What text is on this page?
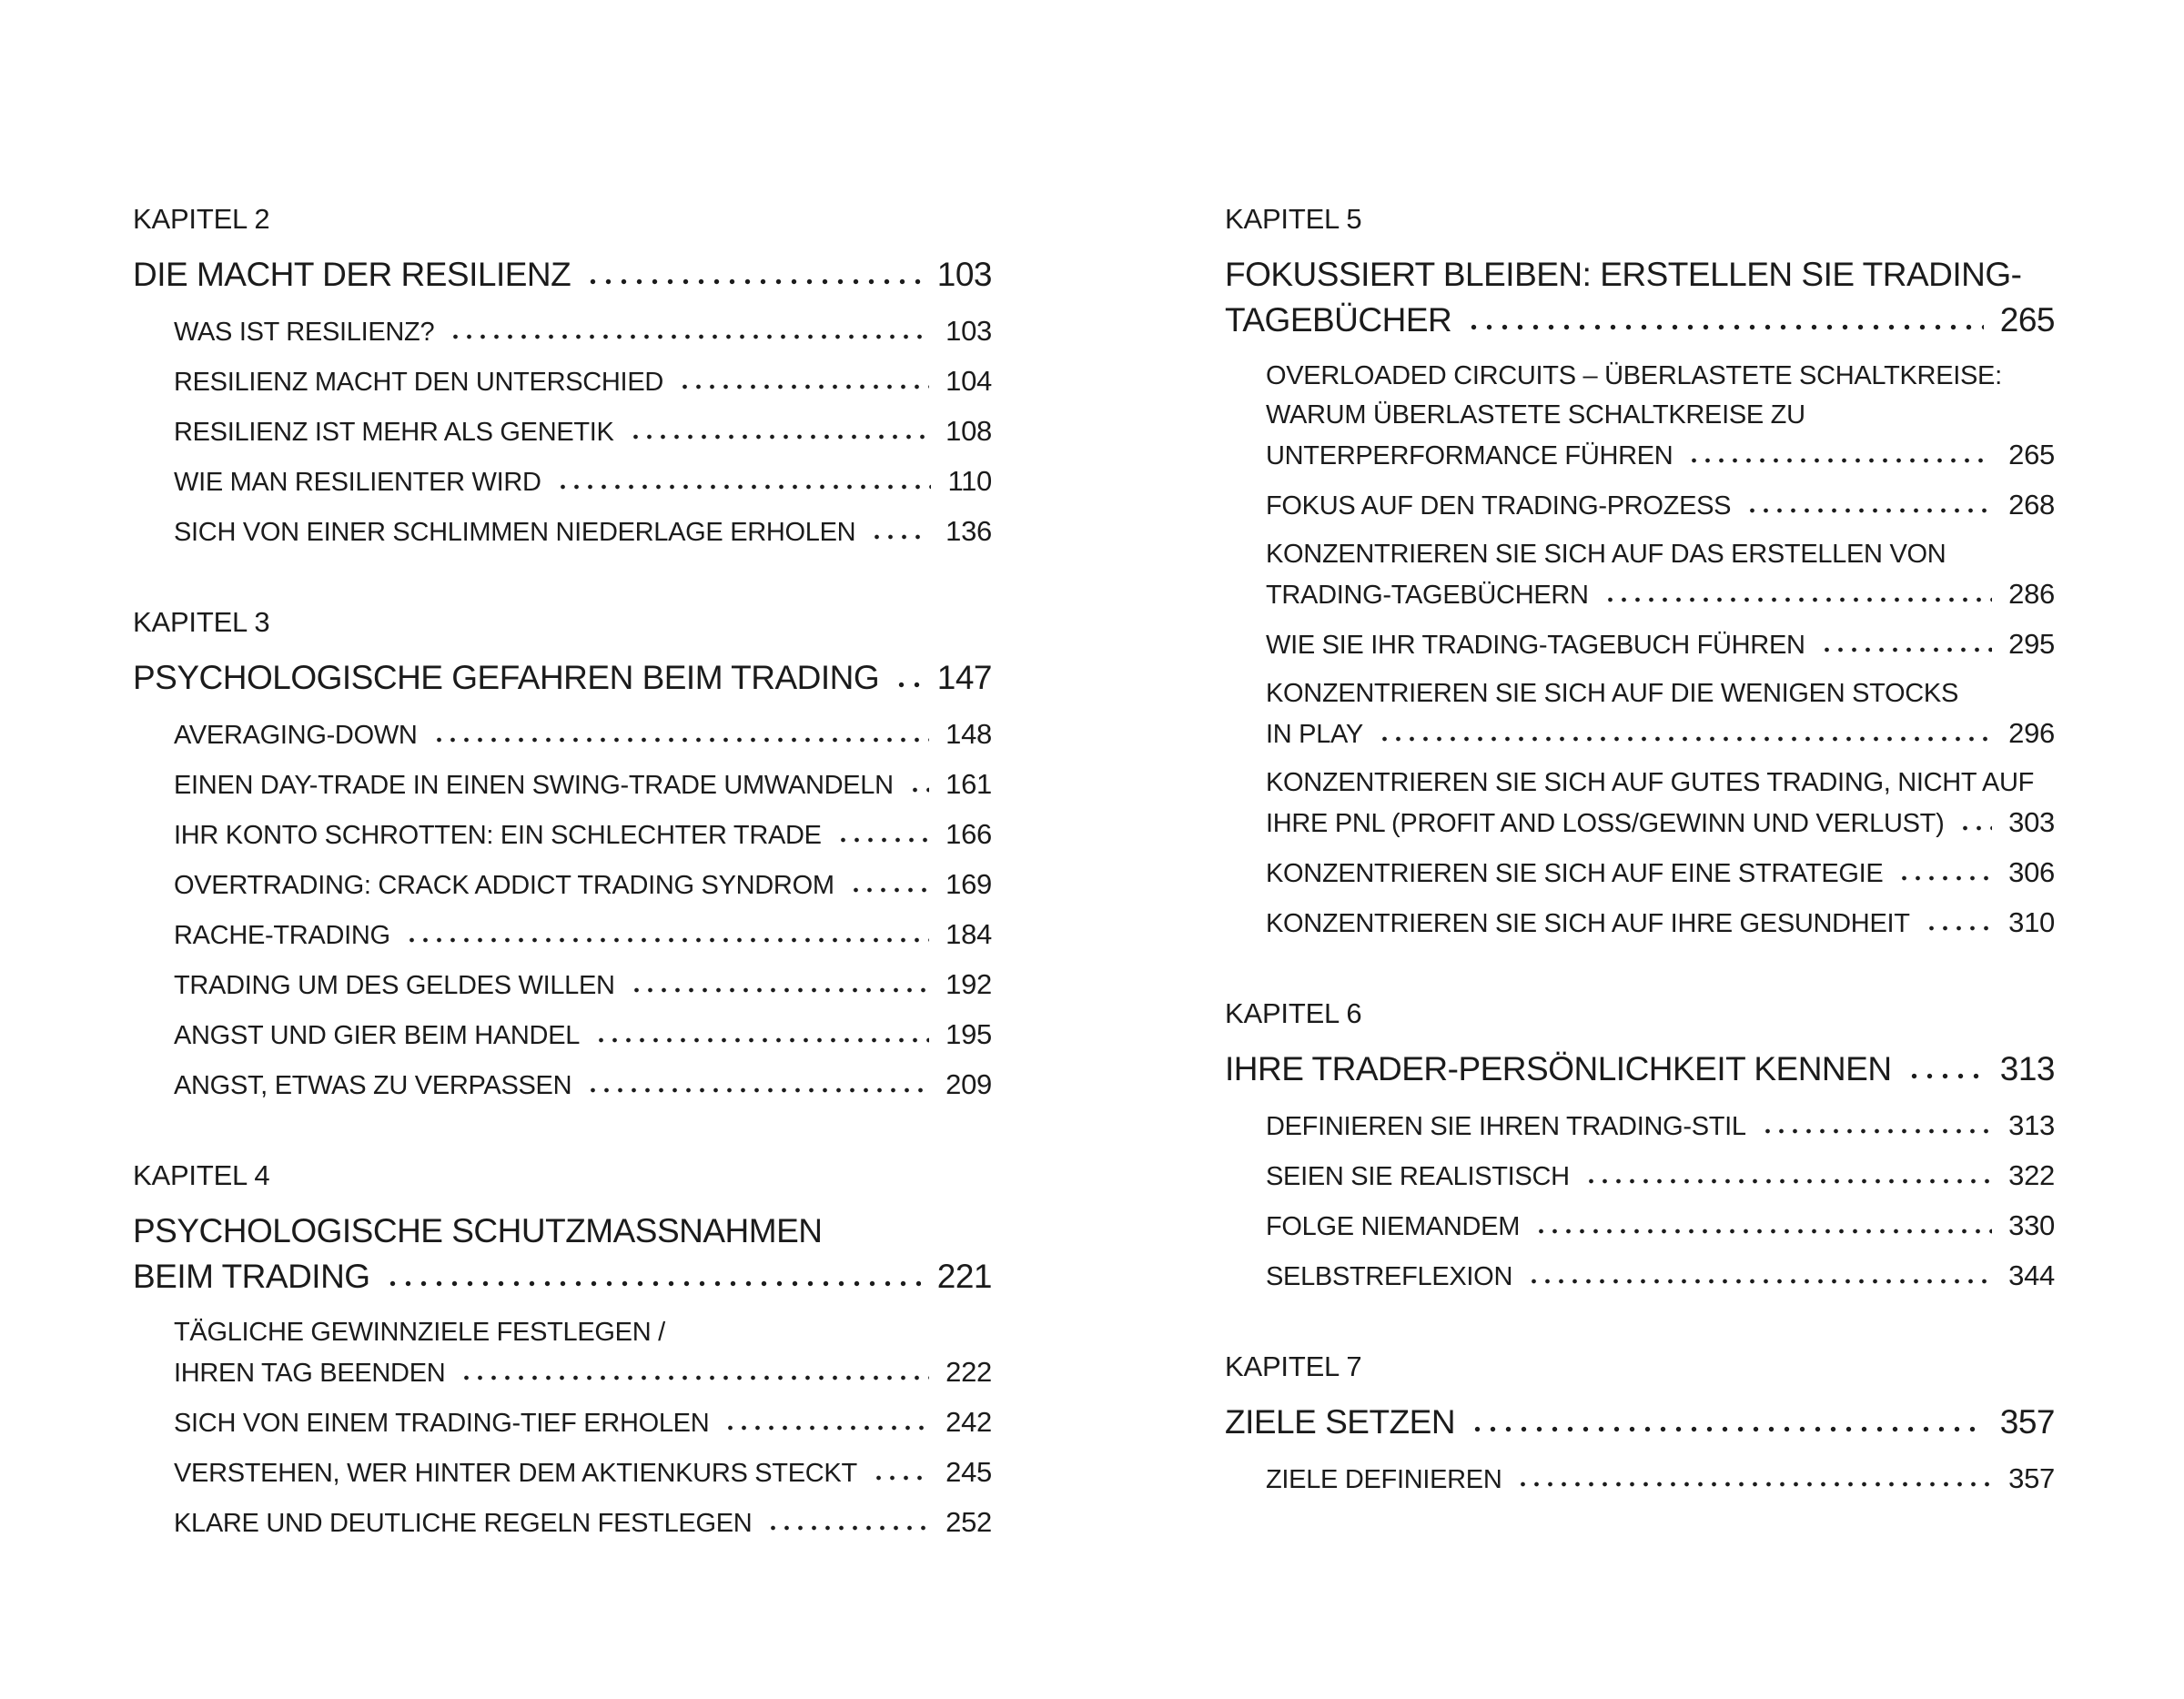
KAPITEL 2
DIE MACHT DER RESILIENZ	103
WAS IST RESILIENZ?	103
RESILIENZ MACHT DEN UNTERSCHIED	104
RESILIENZ IST MEHR ALS GENETIK	108
WIE MAN RESILIENTER WIRD	110
SICH VON EINER SCHLIMMEN NIEDERLAGE ERHOLEN	136
KAPITEL 3
PSYCHOLOGISCHE GEFAHREN BEIM TRADING 147
AVERAGING-DOWN	148
EINEN DAY-TRADE IN EINEN SWING-TRADE UMWANDELN 161
IHR KONTO SCHROTTEN: EIN SCHLECHTER TRADE	166
OVERTRADING: CRACK ADDICT TRADING SYNDROM	169
RACHE-TRADING	184
TRADING UM DES GELDES WILLEN	192
ANGST UND GIER BEIM HANDEL	195
ANGST, ETWAS ZU VERPASSEN	209
KAPITEL 4
PSYCHOLOGISCHE SCHUTZMASSNAHMEN
BEIM TRADING	221
TÄGLICHE GEWINNZIELE FESTLEGEN /
IHREN TAG BEENDEN	222
SICH VON EINEM TRADING-TIEF ERHOLEN	242
VERSTEHEN, WER HINTER DEM AKTIENKURS STECKT	245
KLARE UND DEUTLICHE REGELN FESTLEGEN	252
KAPITEL 5
FOKUSSIERT BLEIBEN: ERSTELLEN SIE TRADING-
TAGEBÜCHER	265
OVERLOADED CIRCUITS – ÜBERLASTETE SCHALTKREISE:
WARUM ÜBERLASTETE SCHALTKREISE ZU
UNTERPERFORMANCE FÜHREN	265
FOKUS AUF DEN TRADING-PROZESS	268
KONZENTRIEREN SIE SICH AUF DAS ERSTELLEN VON
TRADING-TAGEBÜCHERN	286
WIE SIE IHR TRADING-TAGEBUCH FÜHREN	295
KONZENTRIEREN SIE SICH AUF DIE WENIGEN STOCKS
IN PLAY	296
KONZENTRIEREN SIE SICH AUF GUTES TRADING, NICHT AUF
IHRE PNL (PROFIT AND LOSS/GEWINN UND VERLUST) 303
KONZENTRIEREN SIE SICH AUF EINE STRATEGIE	306
KONZENTRIEREN SIE SICH AUF IHRE GESUNDHEIT	310
KAPITEL 6
IHRE TRADER-PERSÖNLICHKEIT KENNEN	313
DEFINIEREN SIE IHREN TRADING-STIL	313
SEIEN SIE REALISTISCH	322
FOLGE NIEMANDEM	330
SELBSTREFLEXION	344
KAPITEL 7
ZIELE SETZEN	357
ZIELE DEFINIEREN	357
